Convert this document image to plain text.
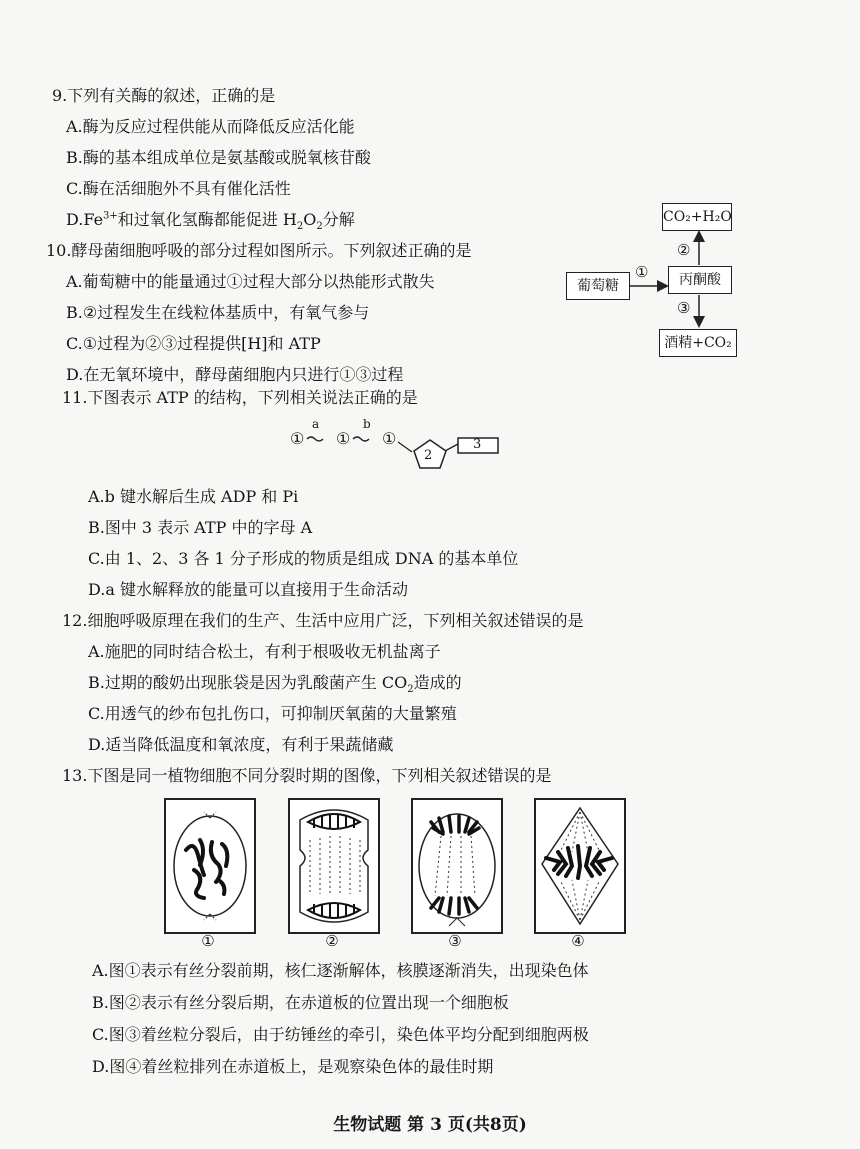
9.下列有关酶的叙述，正确的是
A.酶为反应过程供能从而降低反应活化能
B.酶的基本组成单位是氨基酸或脱氧核苷酸
C.酶在活细胞外不具有催化活性
$D.Fe^{3+}$和过氧化氢酶都能促进 $H_2O_2$分解
10.酵母菌细胞呼吸的部分过程如图所示。下列叙述正确的是
A.葡萄糖中的能量通过①过程大部分以热能形式散失
B.②过程发生在线粒体基质中，有氧气参与
C.①过程为②③过程提供[H]和 ATP
D.在无氧环境中，酵母菌细胞内只进行①③过程
CO₂+H₂O
葡萄糖	丙酮酸
酒精+CO₂
①
②
③
11.下图表示 ATP 的结构，下列相关说法正确的是
①
a
①
b
①
2
3
A.b 键水解后生成 ADP 和 Pi
B.图中 3 表示 ATP 中的字母 A
C.由 1、2、3 各 1 分子形成的物质是组成 DNA 的基本单位
D.a 键水解释放的能量可以直接用于生命活动
12.细胞呼吸原理在我们的生产、生活中应用广泛，下列相关叙述错误的是
A.施肥的同时结合松土，有利于根吸收无机盐离子
B.过期的酸奶出现胀袋是因为乳酸菌产生 $CO_2$造成的
C.用透气的纱布包扎伤口，可抑制厌氧菌的大量繁殖
D.适当降低温度和氧浓度，有利于果蔬储藏
13.下图是同一植物细胞不同分裂时期的图像，下列相关叙述错误的是
①	②	③	④
A.图①表示有丝分裂前期，核仁逐渐解体，核膜逐渐消失，出现染色体
B.图②表示有丝分裂后期，在赤道板的位置出现一个细胞板
C.图③着丝粒分裂后，由于纺锤丝的牵引，染色体平均分配到细胞两极
D.图④着丝粒排列在赤道板上，是观察染色体的最佳时期
生物试题 第 3 页(共8页)
